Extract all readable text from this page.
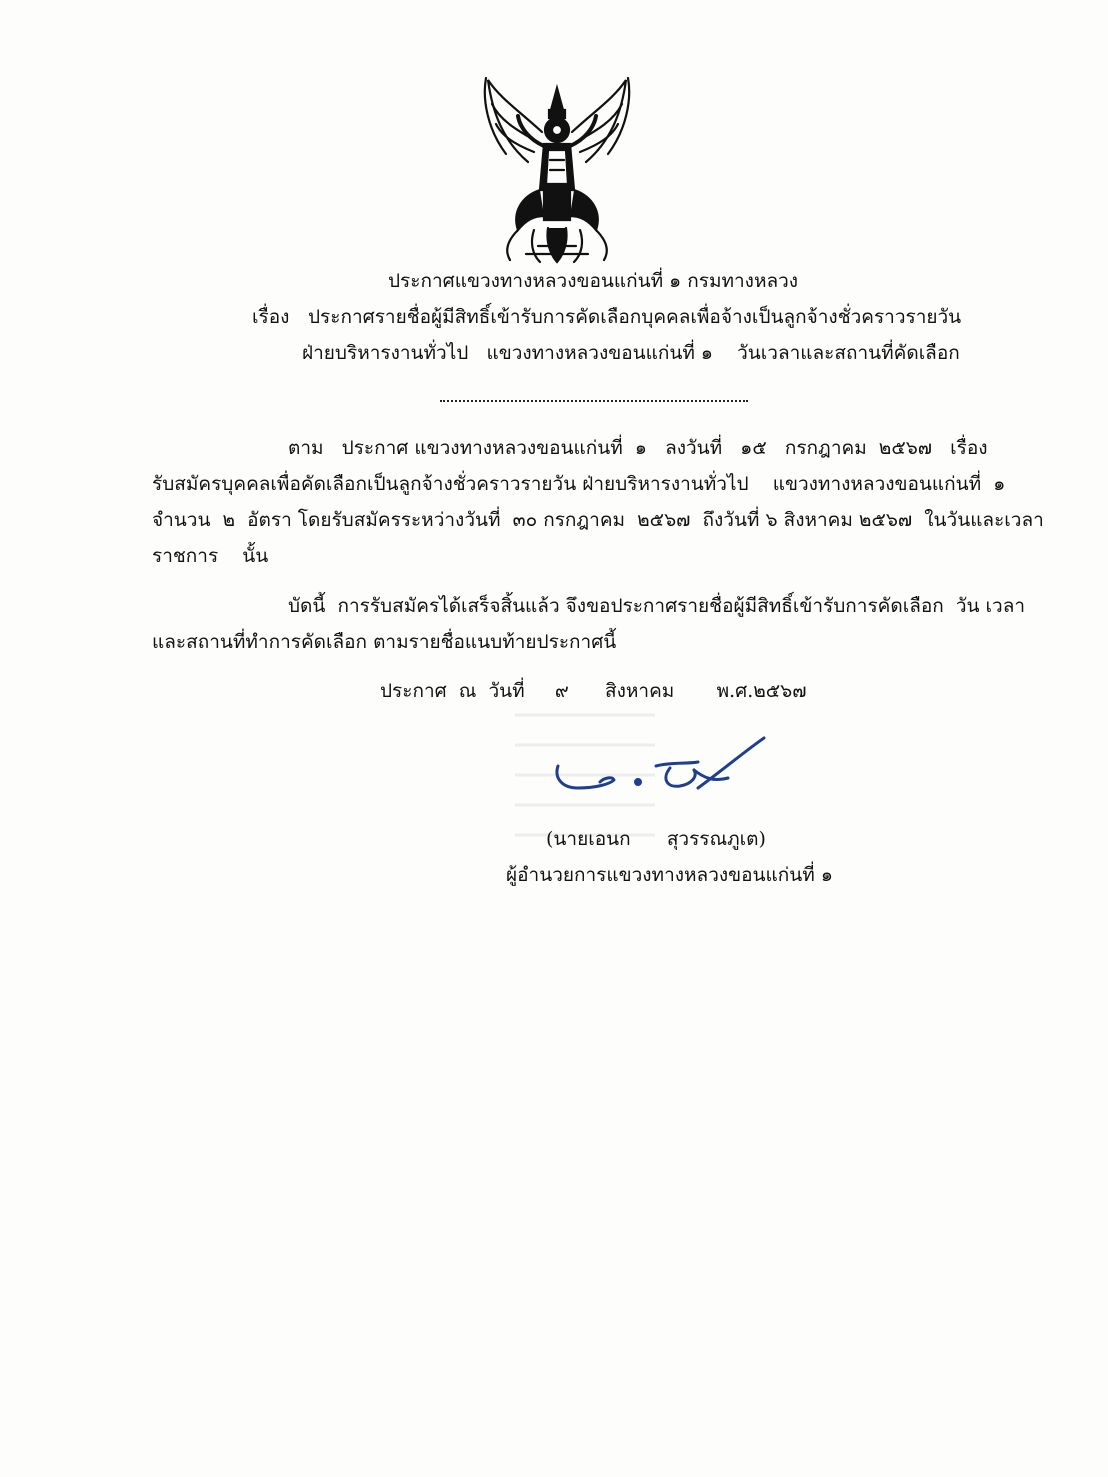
ประกาศแขวงทางหลวงขอนแก่นที่ ๑ กรมทางหลวง
เรื่อง ประกาศรายชื่อผู้มีสิทธิ์เข้ารับการคัดเลือกบุคคลเพื่อจ้างเป็นลูกจ้างชั่วคราวรายวัน
ฝ่ายบริหารงานทั่วไป   แขวงทางหลวงขอนแก่นที่ ๑    วันเวลาและสถานที่คัดเลือก
ตาม   ประกาศ แขวงทางหลวงขอนแก่นที่  ๑   ลงวันที่   ๑๕   กรกฎาคม  ๒๕๖๗   เรื่อง
รับสมัครบุคคลเพื่อคัดเลือกเป็นลูกจ้างชั่วคราวรายวัน ฝ่ายบริหารงานทั่วไป    แขวงทางหลวงขอนแก่นที่  ๑
จำนวน  ๒  อัตรา โดยรับสมัครระหว่างวันที่  ๓๐ กรกฎาคม  ๒๕๖๗  ถึงวันที่ ๖ สิงหาคม ๒๕๖๗  ในวันและเวลา
ราชการ    นั้น
บัดนี้  การรับสมัครได้เสร็จสิ้นแล้ว จึงขอประกาศรายชื่อผู้มีสิทธิ์เข้ารับการคัดเลือก  วัน เวลา
และสถานที่ทำการคัดเลือก ตามรายชื่อแนบท้ายประกาศนี้
ประกาศ  ณ  วันที่     ๙      สิงหาคม       พ.ศ.๒๕๖๗
(นายเอนก      สุวรรณภูเต)
ผู้อำนวยการแขวงทางหลวงขอนแก่นที่ ๑
